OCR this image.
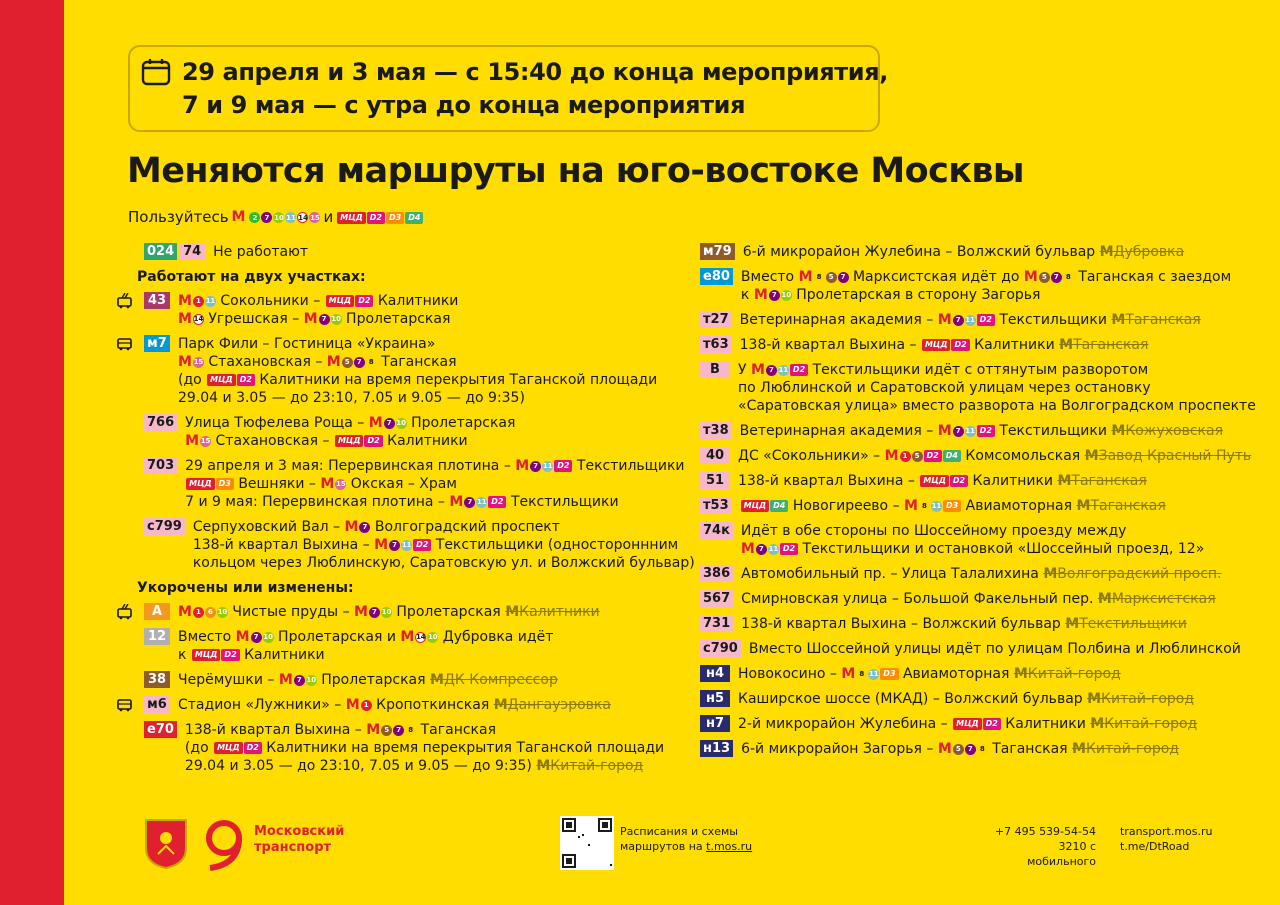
29 апреля и 3 мая — с 15:40 до конца мероприятия,
7 и 9 мая — с утра до конца мероприятия
Меняются маршруты на юго-востоке Москвы
Пользуйтесь M	2 7 10 11 14 15 и МЦД D2 D3 D4
024 74 Не работают
Работают на двух участках:
43 M 1 11 Сокольники – МЦД D2 Калитники
M 14 Угрешская – M 7 10 Пролетарская
м7 Парк Фили – Гостиница «Украина»
M 15 Стахановская – M 5 7 8 Таганская
(до МЦД D2 Калитники на время перекрытия Таганской площади
29.04 и 3.05 — до 23:10, 7.05 и 9.05 — до 9:35)
766 Улица Тюфелева Роща – M 7 10 Пролетарская
M 15 Стахановская – МЦД D2 Калитники
703 29 апреля и 3 мая: Перервинская плотина – M 7 11 D2 Текстильщики
МЦД D3 Вешняки – M 15 Окская – Храм
7 и 9 мая: Перервинская плотина – M 7 11 D2 Текстильщики
с799 Серпуховский Вал – M 7 Волгоградский проспект
138-й квартал Выхина – M 7 11 D2 Текстильщики (одностороннним
кольцом через Люблинскую, Саратовскую ул. и Волжский бульвар)
Укорочены или изменены:
А	M 1 6 10 Чистые пруды – M 7 10 Пролетарская MКалитники
12 Вместо M 7 10 Пролетарская и M 14 10 Дубровка идёт
к МЦД D2 Калитники
38 Черёмушки – M 7 10 Пролетарская MДК Компрессор
м6 Стадион «Лужники» – M 1 Кропоткинская MДангауэровка
е70 138-й квартал Выхина – M 5 7 8 Таганская
(до МЦД D2 Калитники на время перекрытия Таганской площади
29.04 и 3.05 — до 23:10, 7.05 и 9.05 — до 9:35) MКитай-город
м79 6-й микрорайон Жулебина – Волжский бульвар MДубровка
е80 Вместо M 8 5 7 Марксистская идёт до M 5 7 8 Таганская с заездом
к M 7 10 Пролетарская в сторону Загорья
т27 Ветеринарная академия – M 7 11 D2 Текстильщики MТаганская
т63 138-й квартал Выхина – МЦД D2 Калитники MТаганская
В	У M 7 11 D2 Текстильщики идёт с оттянутым разворотом
по Люблинской и Саратовской улицам через остановку
«Саратовская улица» вместо разворота на Волгоградском проспекте
т38 Ветеринарная академия – M 7 11 D2 Текстильщики MКожуховская
40 ДС «Сокольники» – M 1 5 D2 D4 Комсомольская MЗавод Красный Путь
51 138-й квартал Выхина – МЦД D2 Калитники MТаганская
т53	МЦД D4 Новогиреево – M 8 11 D3 Авиамоторная MТаганская
74к Идёт в обе стороны по Шоссейному проезду между
M 7 11 D2 Текстильщики и остановкой «Шоссейный проезд, 12»
386 Автомобильный пр. – Улица Талалихина MВолгоградский просп.
567 Смирновская улица – Большой Факельный пер. MМарксистская
731 138-й квартал Выхина – Волжский бульвар MТекстильщики
с790 Вместо Шоссейной улицы идёт по улицам Полбина и Люблинской
н4 Новокосино – M 8 11 D3 Авиамоторная MКитай-город
н5 Каширское шоссе (МКАД) – Волжский бульвар MКитай-город
н7 2-й микрорайон Жулебина – МЦД D2 Калитники MКитай-город
н13 6-й микрорайон Загорья – M 5 7 8 Таганская MКитай-город
Московский
транспорт
Расписания и схемы
маршрутов на t.mos.ru
+7 495 539-54-54
3210 с мобильного
transport.mos.ru
t.me/DtRoad
